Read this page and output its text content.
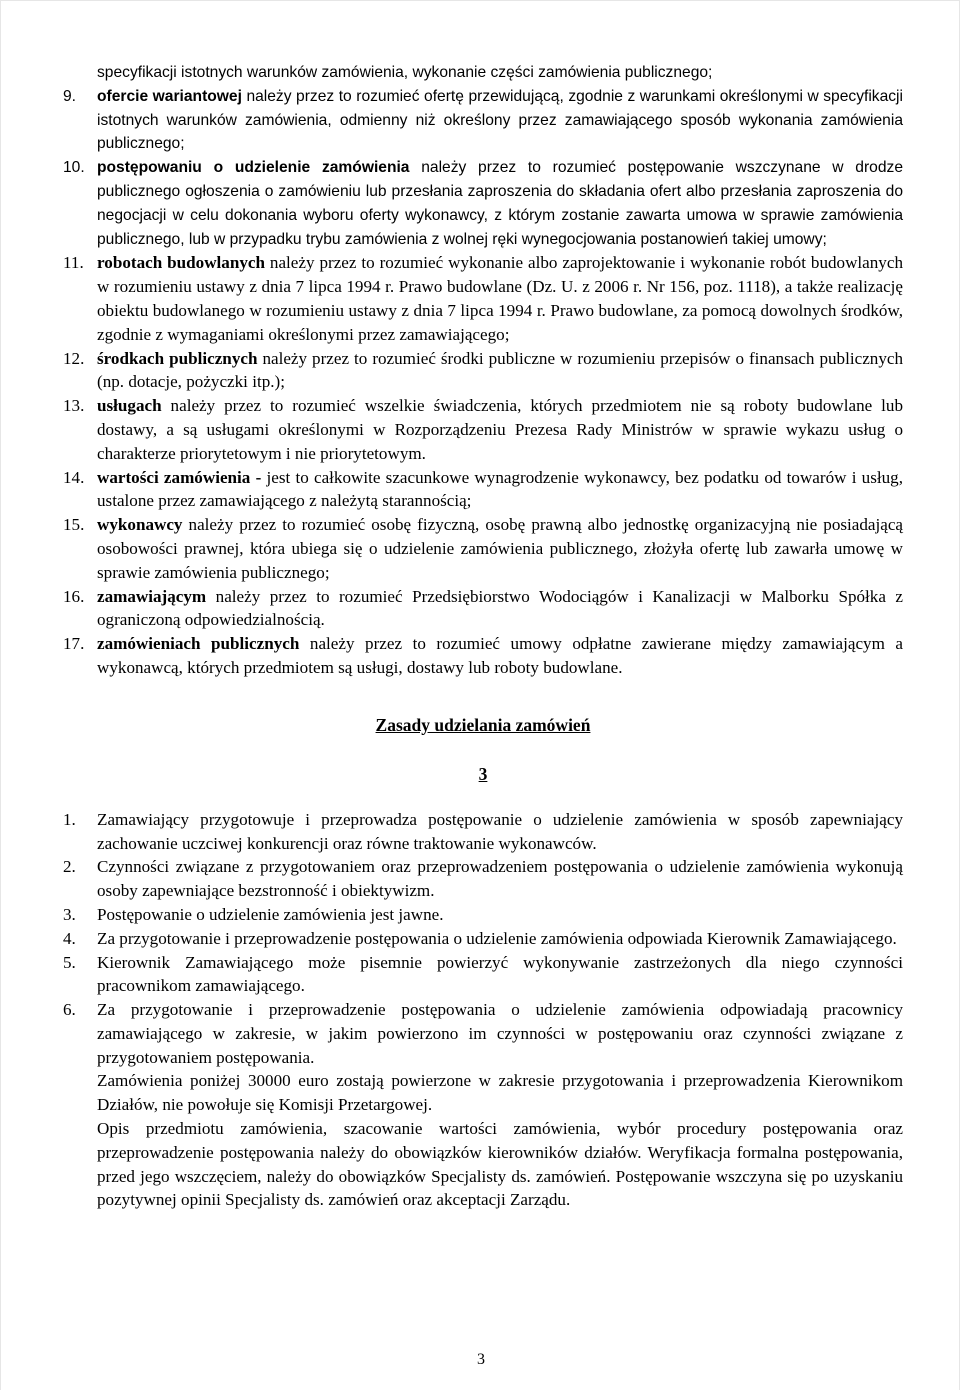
specyfikacji istotnych warunków zamówienia, wykonanie części zamówienia publicznego;
9.	ofercie wariantowej należy przez to rozumieć ofertę przewidującą, zgodnie z warunkami określonymi w specyfikacji istotnych warunków zamówienia, odmienny niż określony przez zamawiającego sposób wykonania zamówienia publicznego;
10. postępowaniu o udzielenie zamówienia należy przez to rozumieć postępowanie wszczynane w drodze publicznego ogłoszenia o zamówieniu lub przesłania zaproszenia do składania ofert albo przesłania zaproszenia do negocjacji w celu dokonania wyboru oferty wykonawcy, z którym zostanie zawarta umowa w sprawie zamówienia publicznego, lub w przypadku trybu zamówienia z wolnej ręki wynegocjowania postanowień takiej umowy;
11. robotach budowlanych należy przez to rozumieć wykonanie albo zaprojektowanie i wykonanie robót budowlanych w rozumieniu ustawy z dnia 7 lipca 1994 r. Prawo budowlane (Dz. U. z 2006 r. Nr 156, poz. 1118), a także realizację obiektu budowlanego w rozumieniu ustawy z dnia 7 lipca 1994 r. Prawo budowlane, za pomocą dowolnych środków, zgodnie z wymaganiami określonymi przez zamawiającego;
12. środkach publicznych należy przez to rozumieć środki publiczne w rozumieniu przepisów o finansach publicznych (np. dotacje, pożyczki itp.);
13. usługach należy przez to rozumieć wszelkie świadczenia, których przedmiotem nie są roboty budowlane lub dostawy, a są usługami określonymi w Rozporządzeniu Prezesa Rady Ministrów w sprawie wykazu usług o charakterze priorytetowym i nie priorytetowym.
14. wartości zamówienia - jest to całkowite szacunkowe wynagrodzenie wykonawcy, bez podatku od towarów i usług, ustalone przez zamawiającego z należytą starannością;
15. wykonawcy należy przez to rozumieć osobę fizyczną, osobę prawną albo jednostkę organizacyjną nie posiadającą osobowości prawnej, która ubiega się o udzielenie zamówienia publicznego, złożyła ofertę lub zawarła umowę w sprawie zamówienia publicznego;
16. zamawiającym należy przez to rozumieć Przedsiębiorstwo Wodociągów i Kanalizacji w Malborku Spółka z ograniczoną odpowiedzialnością.
17. zamówieniach publicznych należy przez to rozumieć umowy odpłatne zawierane między zamawiającym a wykonawcą, których przedmiotem są usługi, dostawy lub roboty budowlane.

Zasady udzielania zamówień

3

1.	Zamawiający przygotowuje i przeprowadza postępowanie o udzielenie zamówienia w sposób zapewniający zachowanie uczciwej konkurencji oraz równe traktowanie wykonawców.
2.	Czynności związane z przygotowaniem oraz przeprowadzeniem postępowania o udzielenie zamówienia wykonują osoby zapewniające bezstronność i obiektywizm.
3.	Postępowanie o udzielenie zamówienia jest jawne.
4.	Za przygotowanie i przeprowadzenie postępowania o udzielenie zamówienia odpowiada Kierownik Zamawiającego.
5.	Kierownik Zamawiającego może pisemnie powierzyć wykonywanie zastrzeżonych dla niego czynności pracownikom zamawiającego.
6.	Za przygotowanie i przeprowadzenie postępowania o udzielenie zamówienia odpowiadają pracownicy zamawiającego w zakresie, w jakim powierzono im czynności w postępowaniu oraz czynności związane z przygotowaniem postępowania.
Zamówienia poniżej 30000 euro zostają powierzone w zakresie przygotowania i przeprowadzenia Kierownikom Działów, nie powołuje się Komisji Przetargowej.
Opis przedmiotu zamówienia, szacowanie wartości zamówienia, wybór procedury postępowania oraz przeprowadzenie postępowania należy do obowiązków kierowników działów. Weryfikacja formalna postępowania, przed jego wszczęciem, należy do obowiązków Specjalisty ds. zamówień. Postępowanie wszczyna się po uzyskaniu pozytywnej opinii Specjalisty ds. zamówień oraz akceptacji Zarządu.
3
